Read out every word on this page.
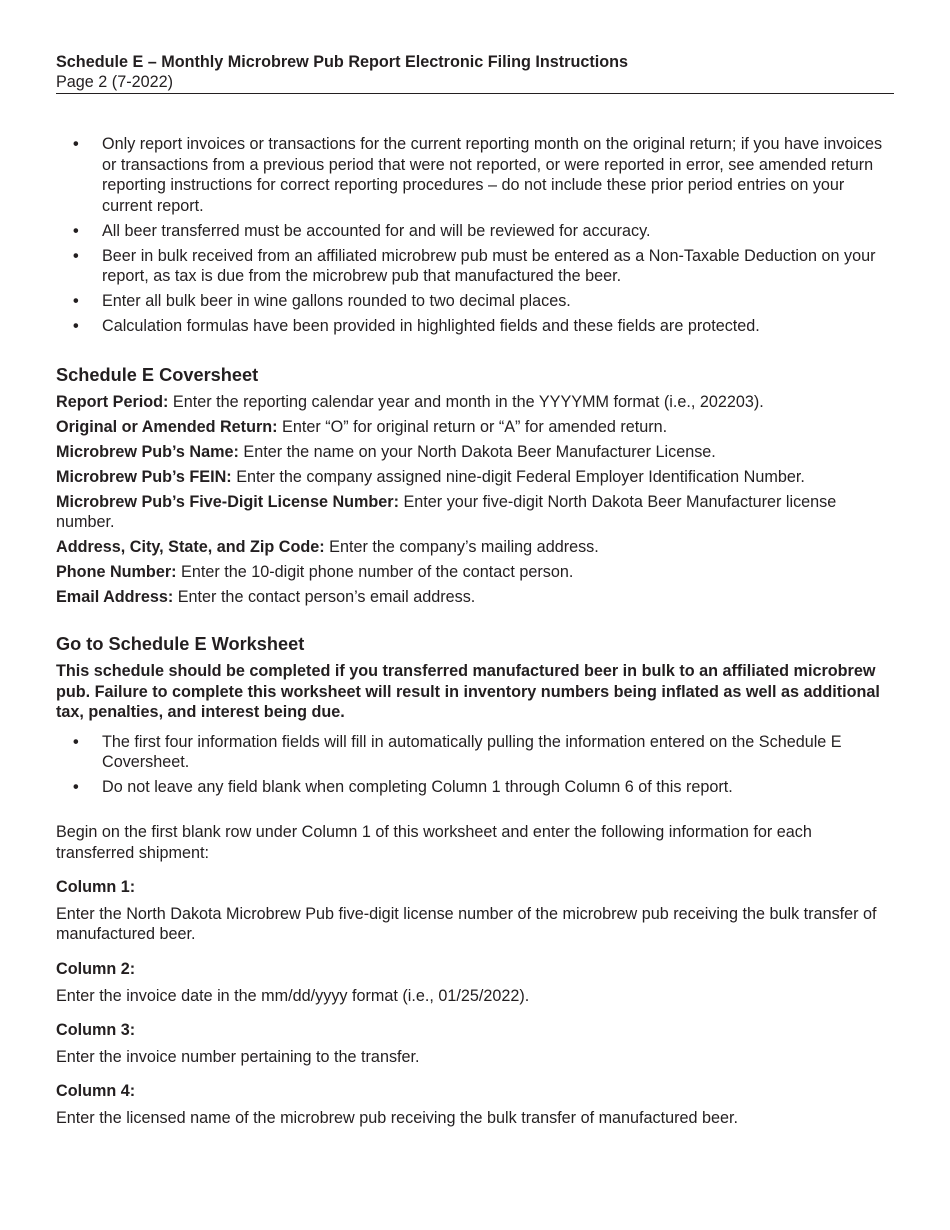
Schedule E – Monthly Microbrew Pub Report Electronic Filing Instructions

Page 2 (7-2022)

• Only report invoices or transactions for the current reporting month on the original return; if you have invoices or transactions from a previous period that were not reported, or were reported in error, see amended return reporting instructions for correct reporting procedures – do not include these prior period entries on your current report.
• All beer transferred must be accounted for and will be reviewed for accuracy.
• Beer in bulk received from an affiliated microbrew pub must be entered as a Non-Taxable Deduction on your report, as tax is due from the microbrew pub that manufactured the beer.
• Enter all bulk beer in wine gallons rounded to two decimal places.
• Calculation formulas have been provided in highlighted fields and these fields are protected.
Schedule E Coversheet

Report Period: Enter the reporting calendar year and month in the YYYYMM format (i.e., 202203).

Original or Amended Return: Enter “O” for original return or “A” for amended return.

Microbrew Pub’s Name: Enter the name on your North Dakota Beer Manufacturer License.

Microbrew Pub’s FEIN: Enter the company assigned nine-digit Federal Employer Identification Number.

Microbrew Pub’s Five-Digit License Number: Enter your five-digit North Dakota Beer Manufacturer license number.

Address, City, State, and Zip Code: Enter the company’s mailing address.

Phone Number: Enter the 10-digit phone number of the contact person.

Email Address: Enter the contact person’s email address.

Go to Schedule E Worksheet

This schedule should be completed if you transferred manufactured beer in bulk to an affiliated microbrew pub. Failure to complete this worksheet will result in inventory numbers being inflated as well as additional tax, penalties, and interest being due.

• The first four information fields will fill in automatically pulling the information entered on the Schedule E Coversheet.
• Do not leave any field blank when completing Column 1 through Column 6 of this report.

Begin on the first blank row under Column 1 of this worksheet and enter the following information for each transferred shipment:

Column 1:

Enter the North Dakota Microbrew Pub five-digit license number of the microbrew pub receiving the bulk transfer of manufactured beer.

Column 2:

Enter the invoice date in the mm/dd/yyyy format (i.e., 01/25/2022).

Column 3:

Enter the invoice number pertaining to the transfer.

Column 4:

Enter the licensed name of the microbrew pub receiving the bulk transfer of manufactured beer.
